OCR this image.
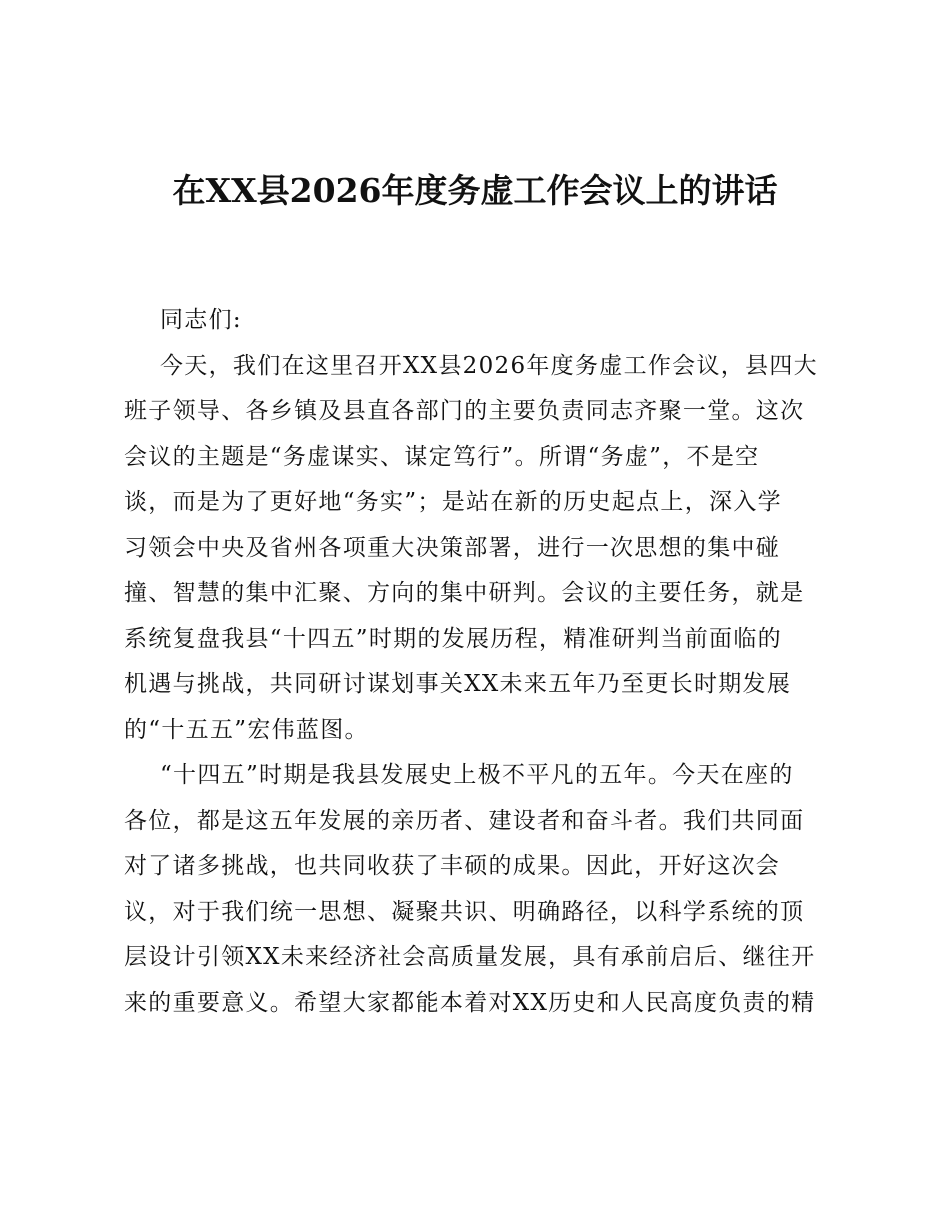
在XX县2026年度务虚工作会议上的讲话
同志们:
今天，我们在这里召开XX县2026年度务虚工作会议，县四大
班子领导、各乡镇及县直各部门的主要负责同志齐聚一堂。这次
会议的主题是“务虚谋实、谋定笃行”。所谓“务虚”，不是空
谈，而是为了更好地“务实”；是站在新的历史起点上，深入学
习领会中央及省州各项重大决策部署，进行一次思想的集中碰
撞、智慧的集中汇聚、方向的集中研判。会议的主要任务，就是
系统复盘我县“十四五”时期的发展历程，精准研判当前面临的
机遇与挑战，共同研讨谋划事关XX未来五年乃至更长时期发展
的“十五五”宏伟蓝图。
“十四五”时期是我县发展史上极不平凡的五年。今天在座的
各位，都是这五年发展的亲历者、建设者和奋斗者。我们共同面
对了诸多挑战，也共同收获了丰硕的成果。因此，开好这次会
议，对于我们统一思想、凝聚共识、明确路径，以科学系统的顶
层设计引领XX未来经济社会高质量发展，具有承前启后、继往开
来的重要意义。希望大家都能本着对XX历史和人民高度负责的精
